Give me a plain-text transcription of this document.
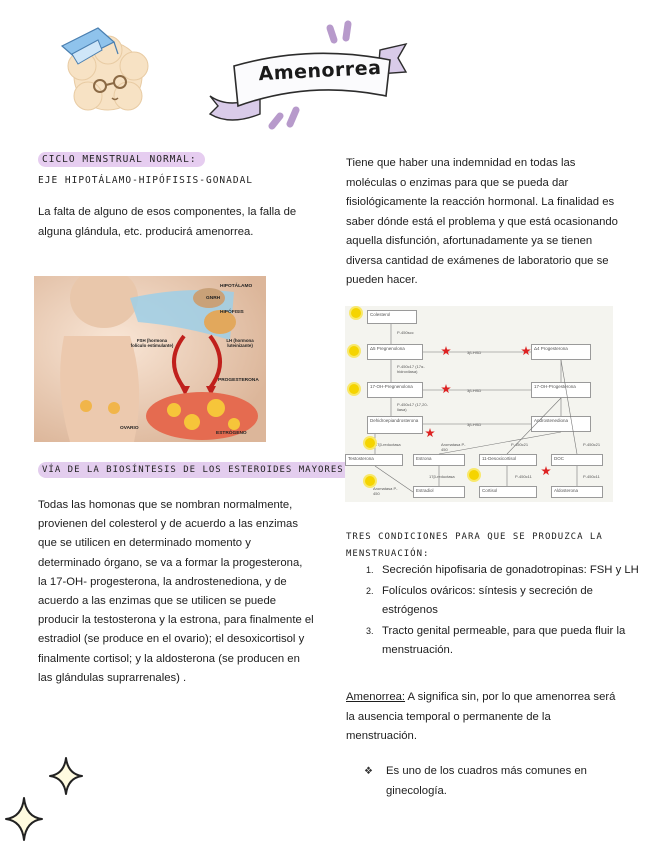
Amenorrea
CICLO MENSTRUAL NORMAL:
EJE HIPOTÁLAMO-HIPÓFISIS-GONADAL
La falta de alguno de esos componentes, la falla de alguna glándula, etc. producirá amenorrea.
HIPOTÁLAMO
GNRH
HIPÓFISIS
FSH (hormona folículo estimulante)
LH (hormona luteinizante)
PROGESTERONA
OVARIO
ESTRÓGENO
VÍA DE LA BIOSÍNTESIS DE LOS ESTEROIDES MAYORES
Todas las homonas que se nombran normalmente, provienen del colesterol y de acuerdo a las enzimas que se utilicen en determinado momento y determinado órgano, se va a formar la progesterona, la 17-OH- progesterona, la androstenediona, y de acuerdo a las enzimas que se utilicen se puede producir la testosterona y la estrona, para finalmente el estradiol (se produce en el ovario); el desoxicortisol y finalmente cortisol; y la aldosterona (se producen en las glándulas suprarrenales) .
Tiene que haber una indemnidad en todas las moléculas o enzimas para que se pueda dar fisiológicamente la reacción hormonal. La finalidad es saber dónde está el problema y que está ocasionando aquella disfunción, afortunadamente ya se tienen diversa cantidad de exámenes de laboratorio que se pueden hacer.
Colesterol
P-450scc
Δ5 Pregnenolona
3β-HSD
Δ4 Progesterona
P-450c17 (17α-hidroxilasa)
17-OH-Pregnenolona
3β-HSD
17-OH-Progesterona
P-450c17 (17,20-liasa)
Dehidroepiandrosterona
3β-HSD
Androstenediona
17β-reductasa	Aromatasa P-450
P-450c21	P-450c21
Testosterona	Estrona	11-Desoxicortisol	DOC
17β-reductasa	P-450c11	P-450c11
Aromatasa P-450
Estradiol	Cortisol	Aldosterona
TRES CONDICIONES PARA QUE SE PRODUZCA LA MENSTRUACIÓN:
1. Secreción hipofisaria de gonadotropinas: FSH y LH
2. Folículos ováricos: síntesis y secreción de estrógenos
3. Tracto genital permeable, para que pueda fluir la menstruación.
Amenorrea: A significa sin, por lo que amenorrea será la ausencia temporal o permanente de la menstruación.
❖	Es uno de los cuadros más comunes en ginecología.
